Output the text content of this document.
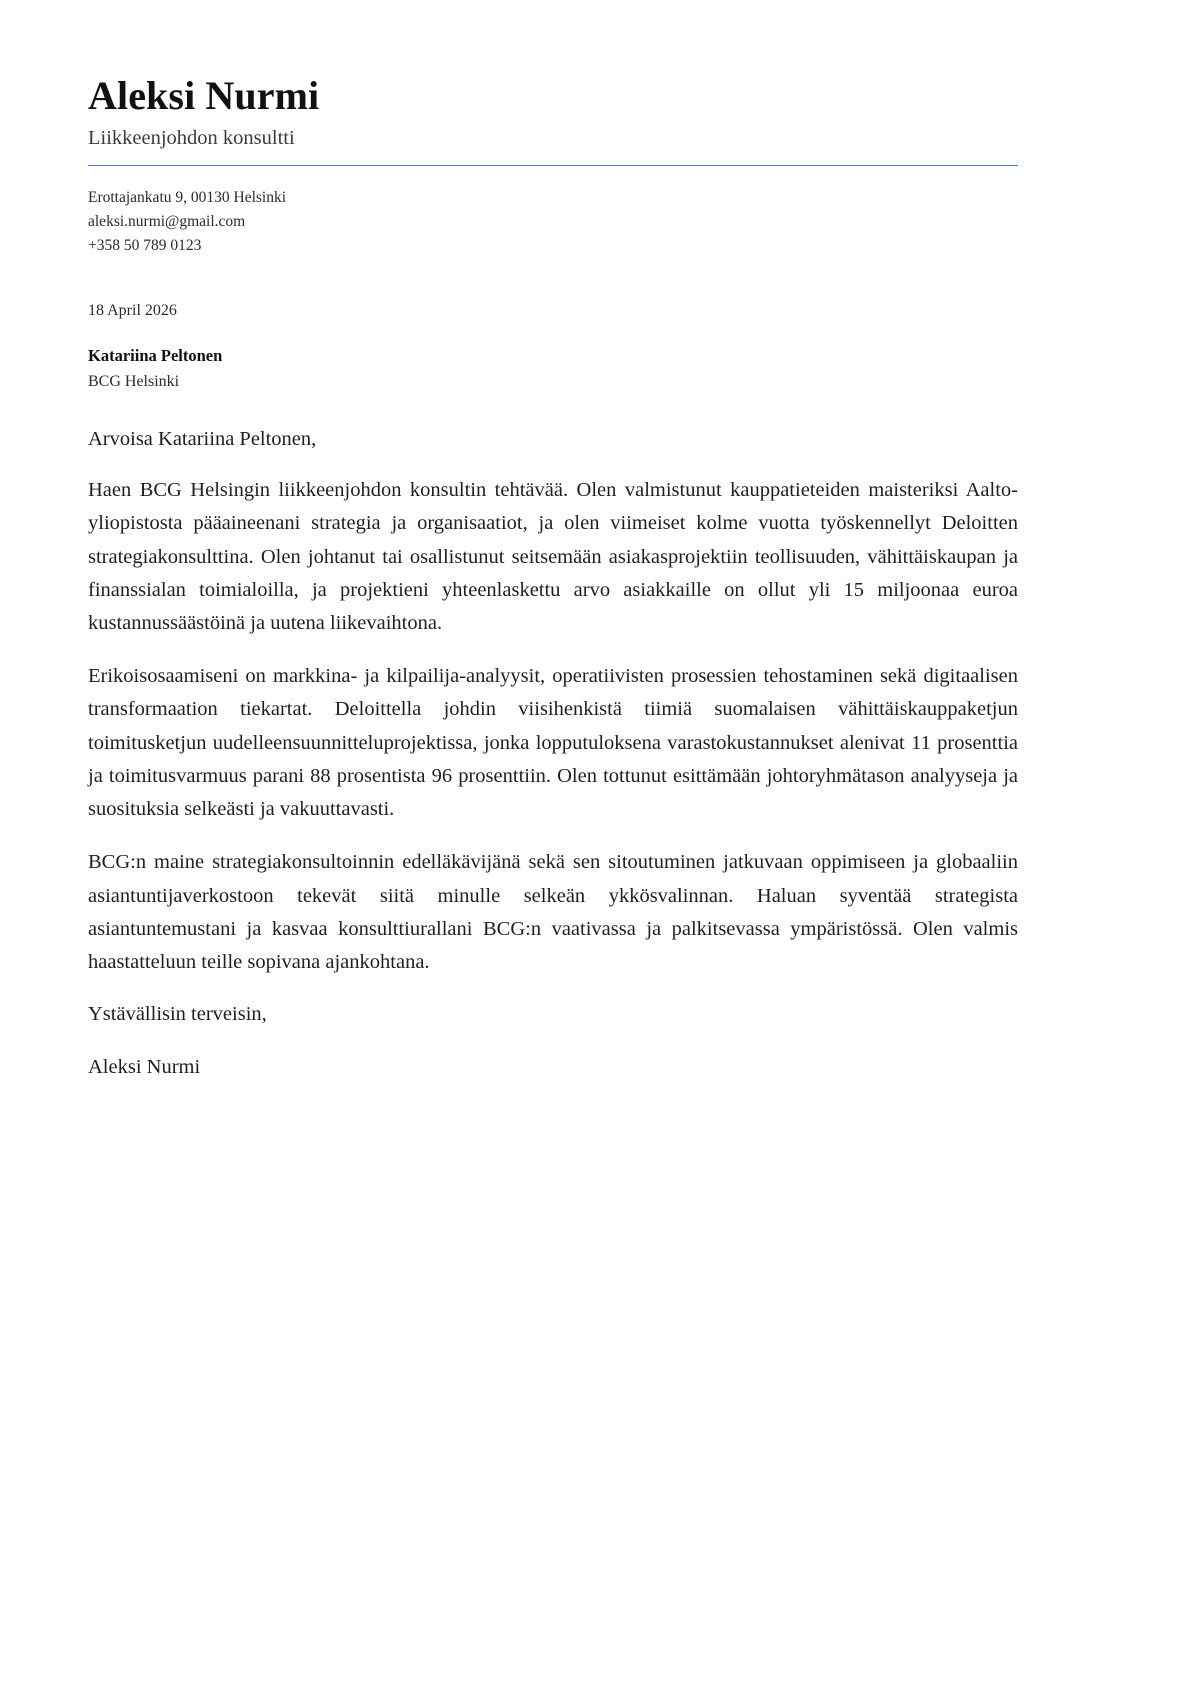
Aleksi Nurmi
Liikkeenjohdon konsultti
Erottajankatu 9, 00130 Helsinki
aleksi.nurmi@gmail.com
+358 50 789 0123
18 April 2026
Katariina Peltonen
BCG Helsinki

Arvoisa Katariina Peltonen,

Haen BCG Helsingin liikkeenjohdon konsultin tehtävää. Olen valmistunut kauppatieteiden maisteriksi Aalto-yliopistosta pääaineenani strategia ja organisaatiot, ja olen viimeiset kolme vuotta työskennellyt Deloitten strategiakonsulttina. Olen johtanut tai osallistunut seitsemään asiakasprojektiin teollisuuden, vähittäiskaupan ja finanssialan toimialoilla, ja projektieni yhteenlaskettu arvo asiakkaille on ollut yli 15 miljoonaa euroa kustannussäästöinä ja uutena liikevaihtona.

Erikoisosaamiseni on markkina- ja kilpailija-analyysit, operatiivisten prosessien tehostaminen sekä digitaalisen transformaation tiekartat. Deloittella johdin viisihenkistä tiimiä suomalaisen vähittäiskauppaketjun toimitusketjun uudelleensuunnitteluprojektissa, jonka lopputuloksena varastokustannukset alenivat 11 prosenttia ja toimitusvarmuus parani 88 prosentista 96 prosenttiin. Olen tottunut esittämään johtoryhmätason analyyseja ja suosituksia selkeästi ja vakuuttavasti.

BCG:n maine strategiakonsultoinnin edelläkävijänä sekä sen sitoutuminen jatkuvaan oppimiseen ja globaaliin asiantuntijaverkostoon tekevät siitä minulle selkeän ykkösvalinnan. Haluan syventää strategista asiantuntemustani ja kasvaa konsulttiurallani BCG:n vaativassa ja palkitsevassa ympäristössä. Olen valmis haastatteluun teille sopivana ajankohtana.

Ystävällisin terveisin,

Aleksi Nurmi
